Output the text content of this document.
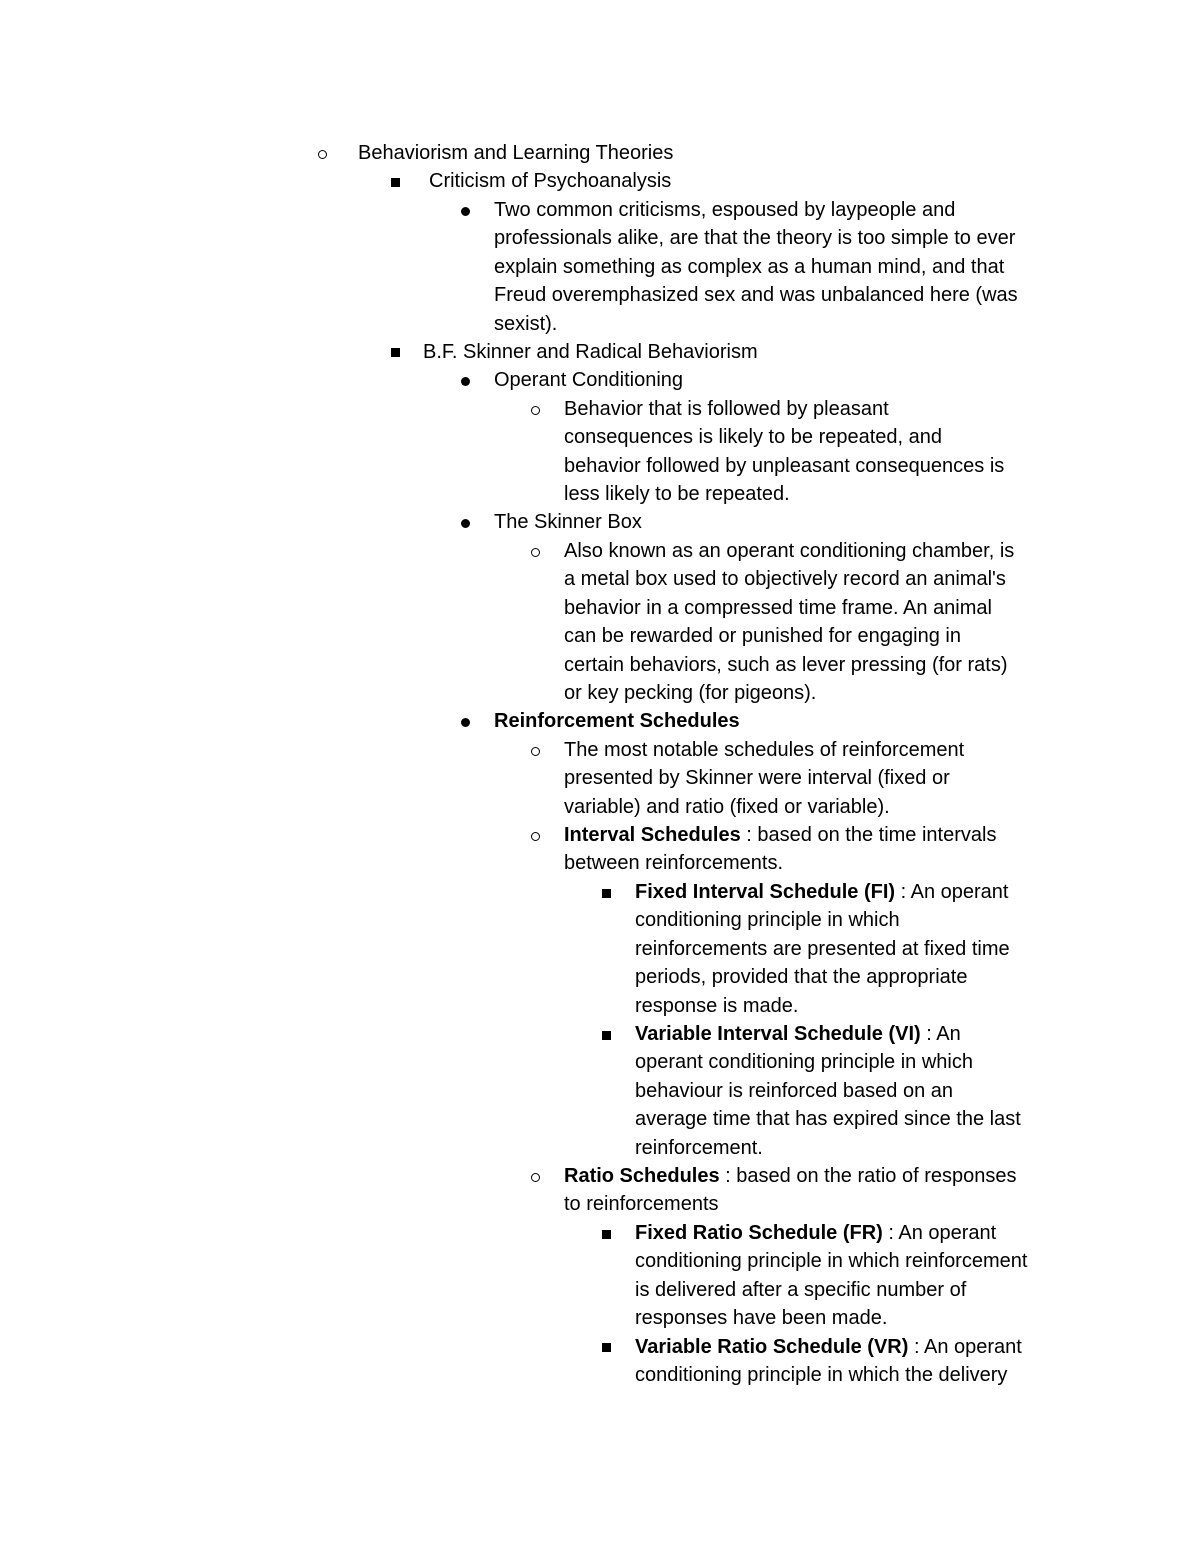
Behaviorism and Learning Theories
Criticism of Psychoanalysis
Two common criticisms, espoused by laypeople and
professionals alike, are that the theory is too simple to ever
explain something as complex as a human mind, and that
Freud overemphasized sex and was unbalanced here (was
sexist).
B.F. Skinner and Radical Behaviorism
Operant Conditioning
Behavior that is followed by pleasant
consequences is likely to be repeated, and
behavior followed by unpleasant consequences is
less likely to be repeated.
The Skinner Box
Also known as an operant conditioning chamber, is
a metal box used to objectively record an animal's
behavior in a compressed time frame. An animal
can be rewarded or punished for engaging in
certain behaviors, such as lever pressing (for rats)
or key pecking (for pigeons).
Reinforcement Schedules
The most notable schedules of reinforcement
presented by Skinner were interval (fixed or
variable) and ratio (fixed or variable).
Interval Schedules : based on the time intervals
between reinforcements.
Fixed Interval Schedule (FI) : An operant
conditioning principle in which
reinforcements are presented at fixed time
periods, provided that the appropriate
response is made.
Variable Interval Schedule (VI) : An
operant conditioning principle in which
behaviour is reinforced based on an
average time that has expired since the last
reinforcement.
Ratio Schedules : based on the ratio of responses
to reinforcements
Fixed Ratio Schedule (FR) : An operant
conditioning principle in which reinforcement
is delivered after a specific number of
responses have been made.
Variable Ratio Schedule (VR) : An operant
conditioning principle in which the delivery
